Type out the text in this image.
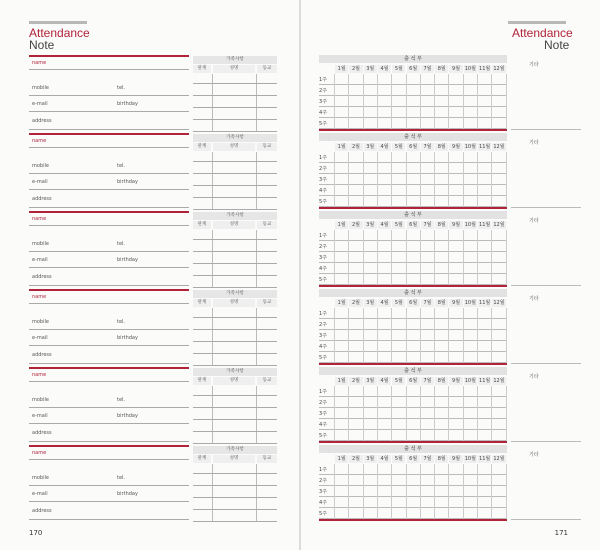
Attendance
Note
name
mobile	tel.
e-mail	birthday
address
가족사항
관계	성명	등교
name
mobile	tel.
e-mail	birthday
address
가족사항
관계	성명	등교
name
mobile	tel.
e-mail	birthday
address
가족사항
관계	성명	등교
name
mobile	tel.
e-mail	birthday
address
가족사항
관계	성명	등교
name
mobile	tel.
e-mail	birthday
address
가족사항
관계	성명	등교
name
mobile	tel.
e-mail	birthday
address
가족사항
관계	성명	등교
170
Attendance
Note
출 석 부
기타
1월	2월	3월	4월	5월	6월	7월	8월	9월 10월 11월 12월
1주
2주
3주
4주
5주
출 석 부
기타
1월	2월	3월	4월	5월	6월	7월	8월	9월 10월 11월 12월
1주
2주
3주
4주
5주
출 석 부
기타
1월	2월	3월	4월	5월	6월	7월	8월	9월 10월 11월 12월
1주
2주
3주
4주
5주
출 석 부
기타
1월	2월	3월	4월	5월	6월	7월	8월	9월 10월 11월 12월
1주
2주
3주
4주
5주
출 석 부
기타
1월	2월	3월	4월	5월	6월	7월	8월	9월 10월 11월 12월
1주
2주
3주
4주
5주
출 석 부
기타
1월	2월	3월	4월	5월	6월	7월	8월	9월 10월 11월 12월
1주
2주
3주
4주
5주
171
